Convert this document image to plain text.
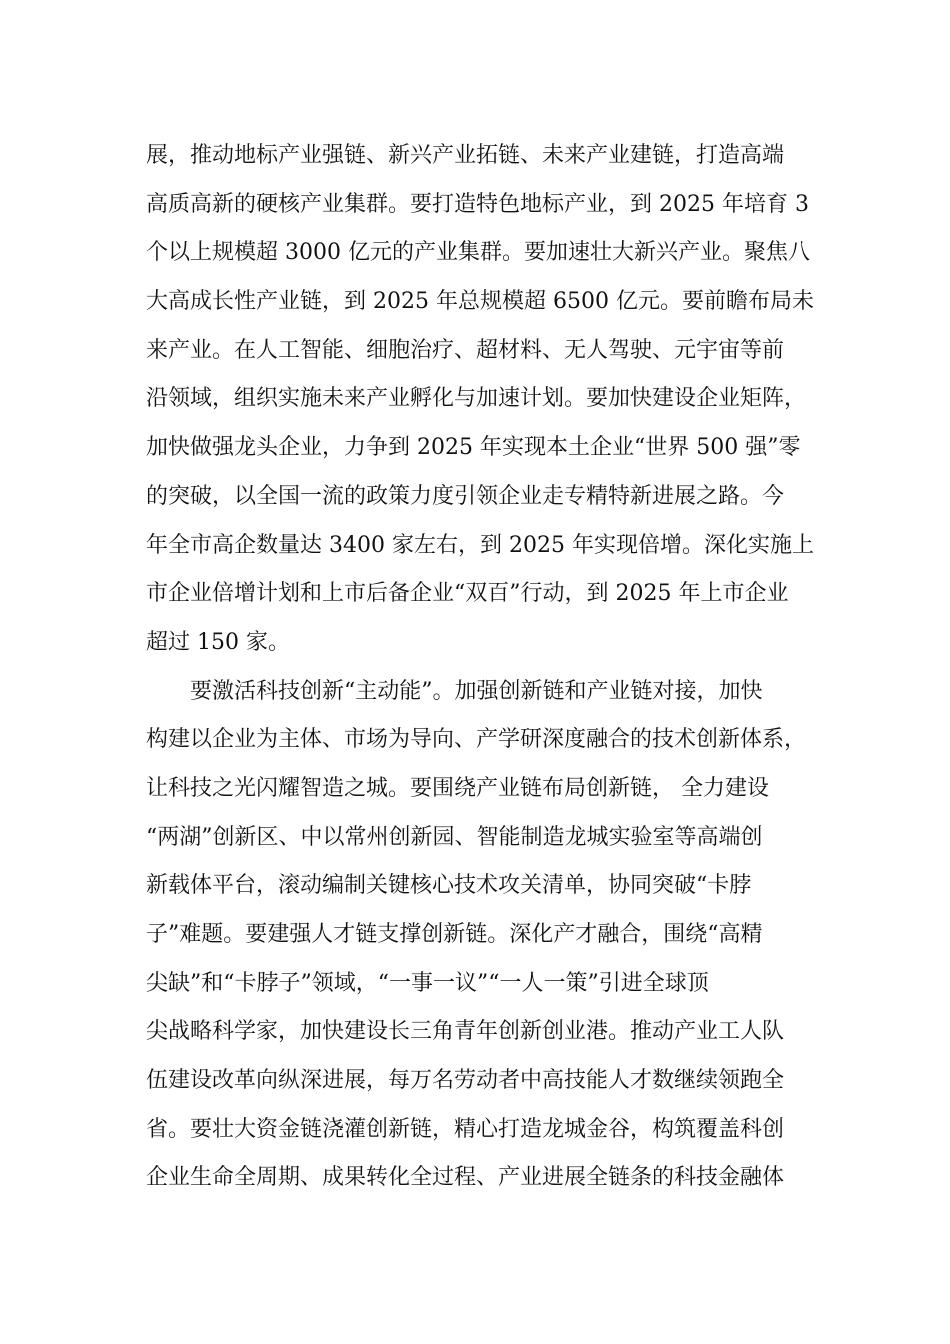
展，推动地标产业强链、新兴产业拓链、未来产业建链，打造高端
高质高新的硬核产业集群。要打造特色地标产业，到 2025 年培育 3
个以上规模超 3000 亿元的产业集群。要加速壮大新兴产业。聚焦八
大高成长性产业链，到 2025 年总规模超 6500 亿元。要前瞻布局未
来产业。在人工智能、细胞治疗、超材料、无人驾驶、元宇宙等前
沿领域，组织实施未来产业孵化与加速计划。要加快建设企业矩阵，
加快做强龙头企业，力争到 2025 年实现本土企业“世界 500 强”零
的突破，以全国一流的政策力度引领企业走专精特新进展之路。今
年全市高企数量达 3400 家左右，到 2025 年实现倍增。深化实施上
市企业倍增计划和上市后备企业“双百”行动，到 2025 年上市企业
超过 150 家。
要激活科技创新“主动能”。加强创新链和产业链对接，加快
构建以企业为主体、市场为导向、产学研深度融合的技术创新体系，
让科技之光闪耀智造之城。要围绕产业链布局创新链， 全力建设
“两湖”创新区、中以常州创新园、智能制造龙城实验室等高端创
新载体平台，滚动编制关键核心技术攻关清单，协同突破“卡脖
子”难题。要建强人才链支撑创新链。深化产才融合，围绕“高精
尖缺”和“卡脖子”领域，“一事一议”“一人一策”引进全球顶
尖战略科学家，加快建设长三角青年创新创业港。推动产业工人队
伍建设改革向纵深进展，每万名劳动者中高技能人才数继续领跑全
省。要壮大资金链浇灌创新链，精心打造龙城金谷，构筑覆盖科创
企业生命全周期、成果转化全过程、产业进展全链条的科技金融体
